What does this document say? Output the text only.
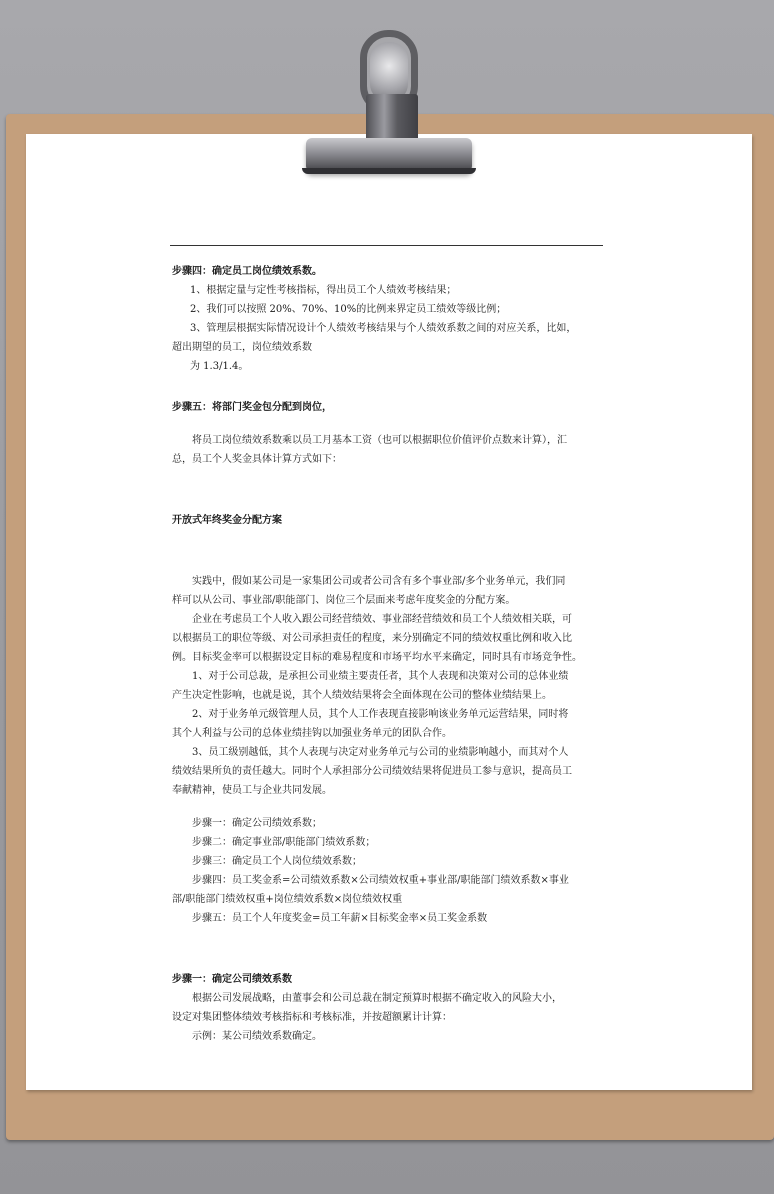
步骤四：确定员工岗位绩效系数。

1、根据定量与定性考核指标，得出员工个人绩效考核结果；

2、我们可以按照 20%、70%、10%的比例来界定员工绩效等级比例；

3、管理层根据实际情况设计个人绩效考核结果与个人绩效系数之间的对应关系，比如，

超出期望的员工，岗位绩效系数

为 1.3/1.4。

步骤五：将部门奖金包分配到岗位，

将员工岗位绩效系数乘以员工月基本工资（也可以根据职位价值评价点数来计算），汇

总，员工个人奖金具体计算方式如下：

开放式年终奖金分配方案

实践中，假如某公司是一家集团公司或者公司含有多个事业部/多个业务单元，我们同

样可以从公司、事业部/职能部门、岗位三个层面来考虑年度奖金的分配方案。

企业在考虑员工个人收入跟公司经营绩效、事业部经营绩效和员工个人绩效相关联，可

以根据员工的职位等级、对公司承担责任的程度，来分别确定不同的绩效权重比例和收入比

例。目标奖金率可以根据设定目标的难易程度和市场平均水平来确定，同时具有市场竞争性。

1、对于公司总裁，是承担公司业绩主要责任者，其个人表现和决策对公司的总体业绩

产生决定性影响，也就是说，其个人绩效结果将会全面体现在公司的整体业绩结果上。

2、对于业务单元级管理人员，其个人工作表现直接影响该业务单元运营结果，同时将

其个人利益与公司的总体业绩挂钩以加强业务单元的团队合作。

3、员工级别越低，其个人表现与决定对业务单元与公司的业绩影响越小，而其对个人

绩效结果所负的责任越大。同时个人承担部分公司绩效结果将促进员工参与意识，提高员工

奉献精神，使员工与企业共同发展。

步骤一：确定公司绩效系数；

步骤二：确定事业部/职能部门绩效系数；

步骤三：确定员工个人岗位绩效系数；

步骤四：员工奖金系=公司绩效系数×公司绩效权重+事业部/职能部门绩效系数×事业

部/职能部门绩效权重+岗位绩效系数×岗位绩效权重

步骤五：员工个人年度奖金=员工年薪×目标奖金率×员工奖金系数

步骤一：确定公司绩效系数

根据公司发展战略，由董事会和公司总裁在制定预算时根据不确定收入的风险大小，

设定对集团整体绩效考核指标和考核标准，并按超额累计计算：

示例：某公司绩效系数确定。
